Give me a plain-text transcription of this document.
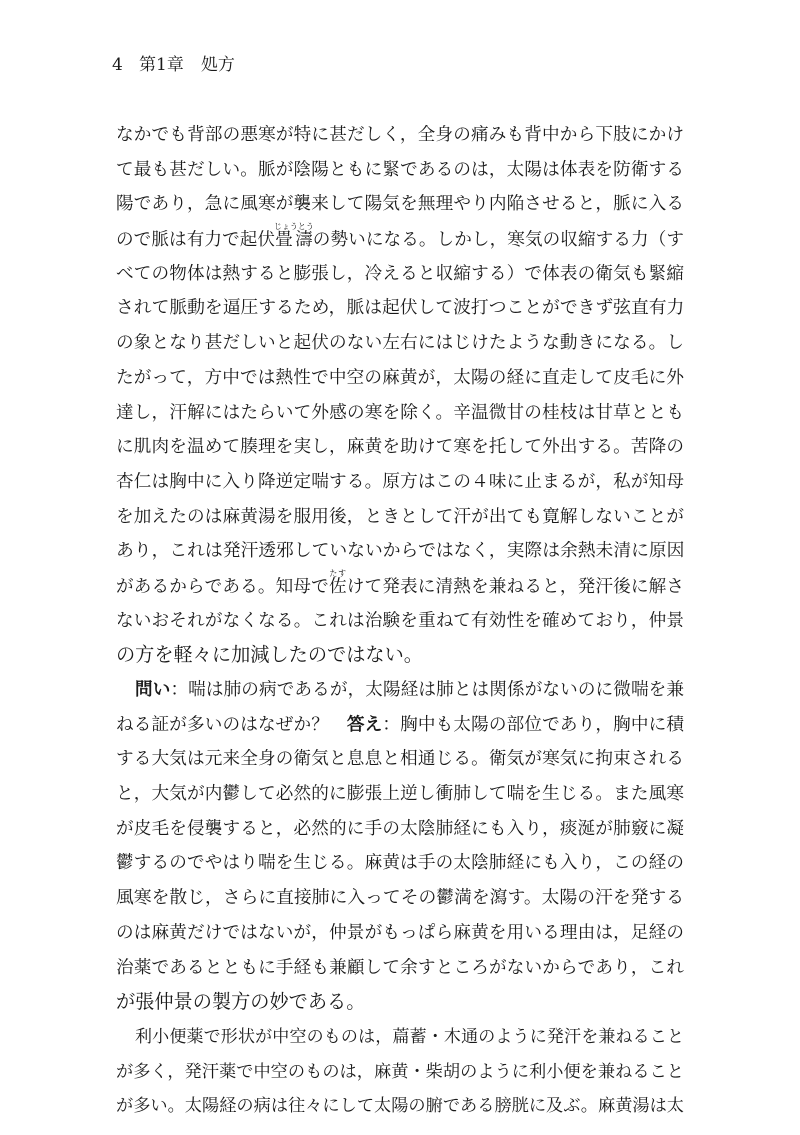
4 第1章　処方
なかでも背部の悪寒が特に甚だしく，全身の痛みも背中から下肢にかけ
て最も甚だしい。脈が陰陽ともに緊であるのは，太陽は体表を防衛する
陽であり，急に風寒が襲来して陽気を無理やり内陥させると，脈に入る
ので脈は有力で起伏畳濤じょうとうの勢いになる。しかし，寒気の収縮する力（す
べての物体は熱すると膨張し，冷えると収縮する）で体表の衛気も緊縮
されて脈動を逼圧するため，脈は起伏して波打つことができず弦直有力
の象となり甚だしいと起伏のない左右にはじけたような動きになる。し
たがって，方中では熱性で中空の麻黄が，太陽の経に直走して皮毛に外
達し，汗解にはたらいて外感の寒を除く。辛温微甘の桂枝は甘草ととも
に肌肉を温めて腠理を実し，麻黄を助けて寒を托して外出する。苦降の
杏仁は胸中に入り降逆定喘する。原方はこの４味に止まるが，私が知母
を加えたのは麻黄湯を服用後，ときとして汗が出ても寛解しないことが
あり，これは発汗透邪していないからではなく，実際は余熱未清に原因
があるからである。知母で佐たすけて発表に清熱を兼ねると，発汗後に解さ
ないおそれがなくなる。これは治験を重ねて有効性を確めており，仲景
の方を軽々に加減したのではない。
問い：喘は肺の病であるが，太陽経は肺とは関係がないのに微喘を兼
ねる証が多いのはなぜか？　答え：胸中も太陽の部位であり，胸中に積
する大気は元来全身の衛気と息息と相通じる。衛気が寒気に拘束される
と，大気が内鬱して必然的に膨張上逆し衝肺して喘を生じる。また風寒
が皮毛を侵襲すると，必然的に手の太陰肺経にも入り，痰涎が肺竅に凝
鬱するのでやはり喘を生じる。麻黄は手の太陰肺経にも入り，この経の
風寒を散じ，さらに直接肺に入ってその鬱満を瀉す。太陽の汗を発する
のは麻黄だけではないが，仲景がもっぱら麻黄を用いる理由は，足経の
治薬であるとともに手経も兼顧して余すところがないからであり，これ
が張仲景の製方の妙である。
利小便薬で形状が中空のものは，萹蓄・木通のように発汗を兼ねること
が多く，発汗薬で中空のものは，麻黄・柴胡のように利小便を兼ねること
が多い。太陽経の病は往々にして太陽の腑である膀胱に及ぶ。麻黄湯は太
